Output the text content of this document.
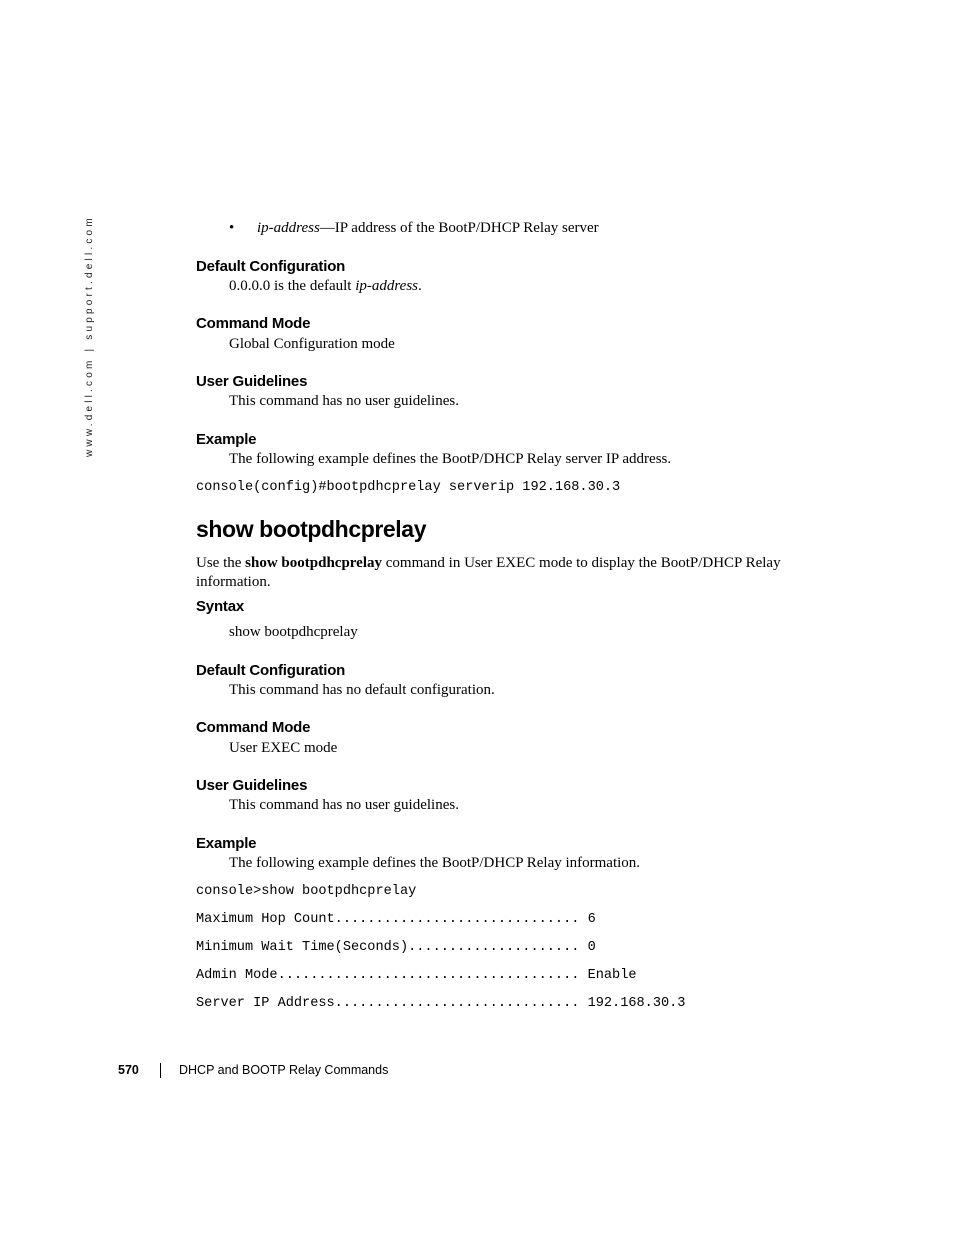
www.dell.com | support.dell.com	• ip-address—IP address of the BootP/DHCP Relay server
Default Configuration
0.0.0.0 is the default ip-address.
Command Mode
Global Configuration mode
User Guidelines
This command has no user guidelines.
Example
The following example defines the BootP/DHCP Relay server IP address.
console(config)#bootpdhcprelay serverip 192.168.30.3
show bootpdhcprelay
Use the show bootpdhcprelay command in User EXEC mode to display the BootP/DHCP Relay information.
Syntax
show bootpdhcprelay
Default Configuration
This command has no default configuration.
Command Mode
User EXEC mode
User Guidelines
This command has no user guidelines.
Example
The following example defines the BootP/DHCP Relay information.
console>show bootpdhcprelay
Maximum Hop Count.............................. 6
Minimum Wait Time(Seconds)..................... 0
Admin Mode..................................... Enable
Server IP Address.............................. 192.168.30.3
570	DHCP and BOOTP Relay Commands
